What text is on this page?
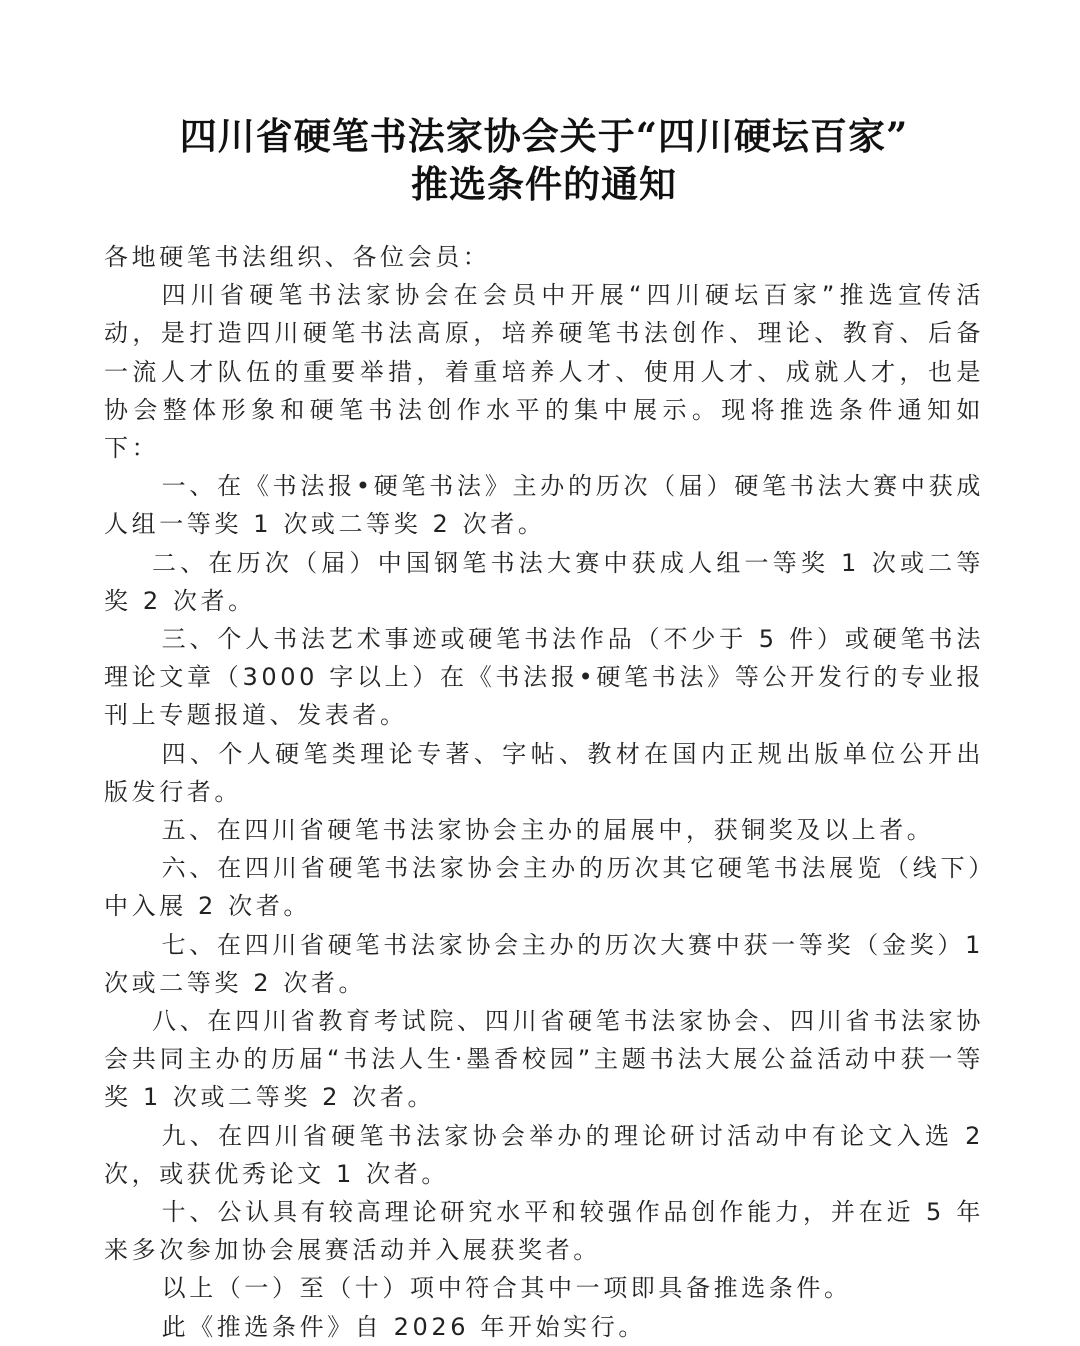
四川省硬笔书法家协会关于“四川硬坛百家”
推选条件的通知

各地硬笔书法组织、各位会员：

四川省硬笔书法家协会在会员中开展“四川硬坛百家”推选宣传活动，是打造四川硬笔书法高原，培养硬笔书法创作、理论、教育、后备一流人才队伍的重要举措，着重培养人才、使用人才、成就人才，也是协会整体形象和硬笔书法创作水平的集中展示。现将推选条件通知如下：

一、在《书法报•硬笔书法》主办的历次（届）硬笔书法大赛中获成人组一等奖 1 次或二等奖 2 次者。

二、在历次（届）中国钢笔书法大赛中获成人组一等奖 1 次或二等奖 2 次者。

三、个人书法艺术事迹或硬笔书法作品（不少于 5 件）或硬笔书法理论文章（3000 字以上）在《书法报•硬笔书法》等公开发行的专业报刊上专题报道、发表者。

四、个人硬笔类理论专著、字帖、教材在国内正规出版单位公开出版发行者。

五、在四川省硬笔书法家协会主办的届展中，获铜奖及以上者。

六、在四川省硬笔书法家协会主办的历次其它硬笔书法展览（线下）中入展 2 次者。

七、在四川省硬笔书法家协会主办的历次大赛中获一等奖（金奖）1 次或二等奖 2 次者。

八、在四川省教育考试院、四川省硬笔书法家协会、四川省书法家协会共同主办的历届“书法人生·墨香校园”主题书法大展公益活动中获一等奖 1 次或二等奖 2 次者。

九、在四川省硬笔书法家协会举办的理论研讨活动中有论文入选 2 次，或获优秀论文 1 次者。

十、公认具有较高理论研究水平和较强作品创作能力，并在近 5 年来多次参加协会展赛活动并入展获奖者。

以上（一）至（十）项中符合其中一项即具备推选条件。

此《推选条件》自 2026 年开始实行。
